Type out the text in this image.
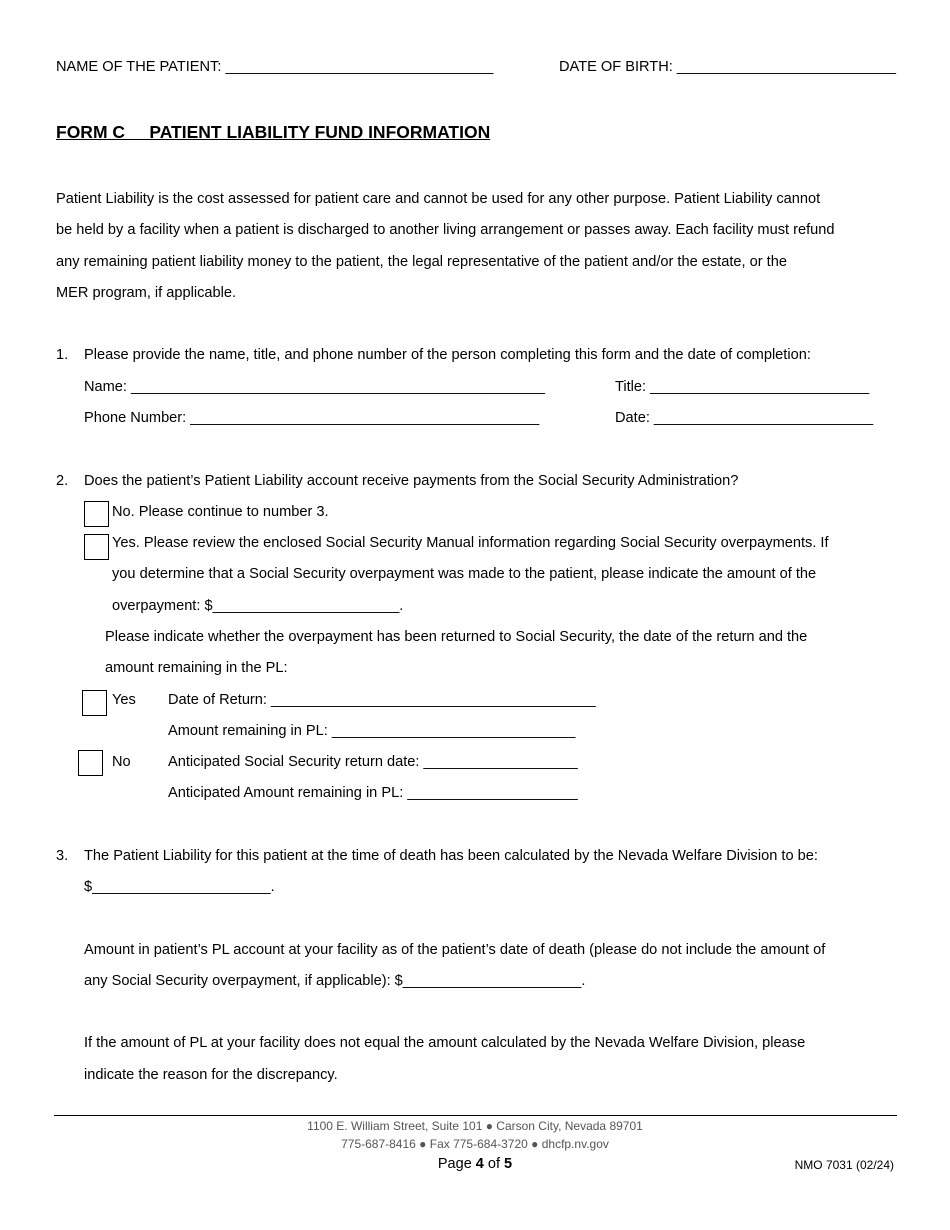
NAME OF THE PATIENT: _________________________________	DATE OF BIRTH: ___________________________
FORM C     PATIENT LIABILITY FUND INFORMATION
Patient Liability is the cost assessed for patient care and cannot be used for any other purpose. Patient Liability cannot
be held by a facility when a patient is discharged to another living arrangement or passes away. Each facility must refund
any remaining patient liability money to the patient, the legal representative of the patient and/or the estate, or the
MER program, if applicable.
1. Please provide the name, title, and phone number of the person completing this form and the date of completion:
Name: ___________________________________________________	Title: ___________________________
Phone Number: ___________________________________________	Date: ___________________________
2. Does the patient’s Patient Liability account receive payments from the Social Security Administration?
No. Please continue to number 3.
Yes. Please review the enclosed Social Security Manual information regarding Social Security overpayments. If
you determine that a Social Security overpayment was made to the patient, please indicate the amount of the
overpayment: $_______________________.
Please indicate whether the overpayment has been returned to Social Security, the date of the return and the
amount remaining in the PL:
Yes Date of Return: ________________________________________
Amount remaining in PL: ______________________________
No	Anticipated Social Security return date: ___________________
Anticipated Amount remaining in PL: _____________________
3. The Patient Liability for this patient at the time of death has been calculated by the Nevada Welfare Division to be:
$______________________.
Amount in patient’s PL account at your facility as of the patient’s date of death (please do not include the amount of
any Social Security overpayment, if applicable): $______________________.
If the amount of PL at your facility does not equal the amount calculated by the Nevada Welfare Division, please
indicate the reason for the discrepancy.
1100 E. William Street, Suite 101 ● Carson City, Nevada 89701
775-687-8416 ● Fax 775-684-3720 ● dhcfp.nv.gov
Page 4 of 5	NMO 7031 (02/24)
